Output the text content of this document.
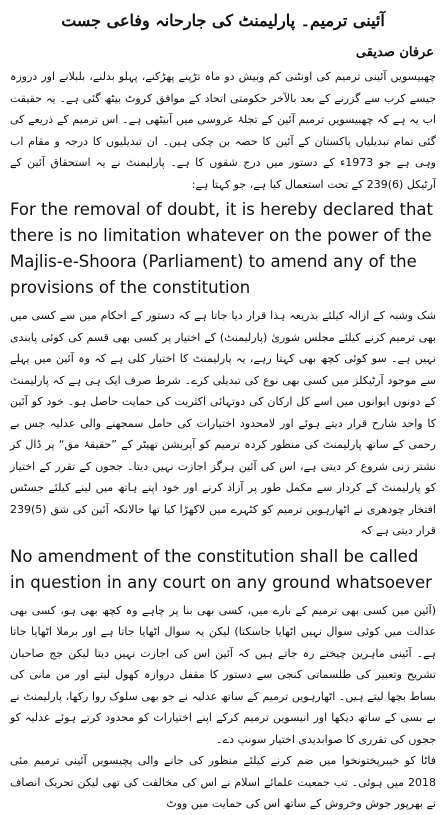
آئینی ترمیم۔ پارلیمنٹ کی جارحانہ وفاعی جست
عرفان صدیقی

چھبیسویں آئینی ترمیم کی اونٹنی کم وبیش دو ماہ تڑپنے پھڑکنے، پہلو بدلنے، بلبلانے اور دروزہ جیسے کرب سے گزرنے کے بعد بالآخر حکومتی اتحاد کے موافق کروٹ بیٹھ گئی ہے۔ یہ حقیقت اب یہ ہے کہ چھبیسویں ترمیم آئین کے تجلۂ عروسی میں آبیٹھی ہے۔ اس ترمیم کے ذریعے کی گئی تمام تبدیلیاں پاکستان کے آئین کا حصہ بن چکی ہیں۔ ان تبدیلیوں کا درجہ و مقام اب وہی ہے جو 1973ء کے دستور میں درج شقوں کا ہے۔ پارلیمنٹ نے یہ استحقاق آئین کے آرٹیکل (6)239 کے تحت استعمال کیا ہے، جو کہتا ہے:

For the removal of doubt, it is hereby declared that there is no limitation whatever on the power of the Majlis-e-Shoora (Parliament) to amend any of the provisions of the constitution

شک وشبہ کے ازالہ کیلئے بذریعہ ہذا قرار دیا جاتا ہے کہ دستور کے احکام میں سے کسی میں بھی ترمیم کرنے کیلئے مجلس شوریٰ (پارلیمنٹ) کے اختیار پر کسی بھی قسم کی کوئی پابندی نہیں ہے۔ سو کوئی کچھ بھی کہتا رہے، یہ پارلیمنٹ کا اختیار کلی ہے کہ وہ آئین میں پہلے سے موجود آرٹیکلز میں کسی بھی نوع کی تبدیلی کرے۔ شرط صرف ایک ہی ہے کہ پارلیمنٹ کے دونوں ایوانوں میں اسے کل ارکان کی دوتہائی اکثریت کی حمایت حاصل ہو۔ خود کو آئین کا واحد شارح قرار دیتے ہوئے اور لامحدود اختیارات کی حامل سمجھنے والی عدلیہ جس بے رحمی کے ساتھ پارلیمنٹ کی منظور کردہ ترمیم کو آپریشن تھیٹر کے ”حقیقۂ مق“ پر ڈال کر نشتر زنی شروع کر دیتی ہے، اس کی آئین ہرگز اجازت نہیں دیتا۔ ججوں کے تقرر کے اختیار کو پارلیمنٹ کے کردار سے مکمل طور پر آزاد کرنے اور خود اپنے ہاتھ میں لینے کیلئے جسٹس افتخار چودھری نے اٹھارہویں ترمیم کو کٹہرے میں لاکھڑا کیا تھا حالانکہ آئین کی شق (5)239 قرار دیتی ہے کہ

No amendment of the constitution shall be called in question in any court on any ground whatsoever

(آئین میں کسی بھی ترمیم کے بارے میں، کسی بھی بنا پر چاہے وہ کچھ بھی ہو، کسی بھی عدالت میں کوئی سوال نہیں اٹھایا جاسکتا) لیکن یہ سوال اٹھایا جاتا ہے اور برملا اٹھایا جاتا ہے۔ آئینی ماہرین چیختے رہ جاتے ہیں کہ آئین اس کی اجازت نہیں دیتا لیکن جج صاحبان تشریح وتعبیر کی طلسماتی کنجی سے دستور کا مقفل دروازہ کھول لیتے اور من مانی کی بساط بچھا لیتے ہیں۔ اٹھارہویں ترمیم کے ساتھ عدلیہ نے جو بھی سلوک روا رکھا، پارلیمنٹ نے بے بسی کے ساتھ دیکھا اور انیسویں ترمیم کرکے اپنے اختیارات کو محدود کرتے ہوئے عدلیہ کو ججوں کی تقرری کا صوابدیدی اختیار سونپ دے۔

فاٹا کو خیبرپختونخوا میں ضم کرنے کیلئے منظور کی جانے والی پچیسویں آئینی ترمیم مئی 2018 میں ہوئی۔ تب جمعیت علمائے اسلام نے اس کی مخالفت کی تھی لیکن تحریک انصاف نے بھرپور جوش وخروش کے ساتھ اس کی حمایت میں ووٹ
